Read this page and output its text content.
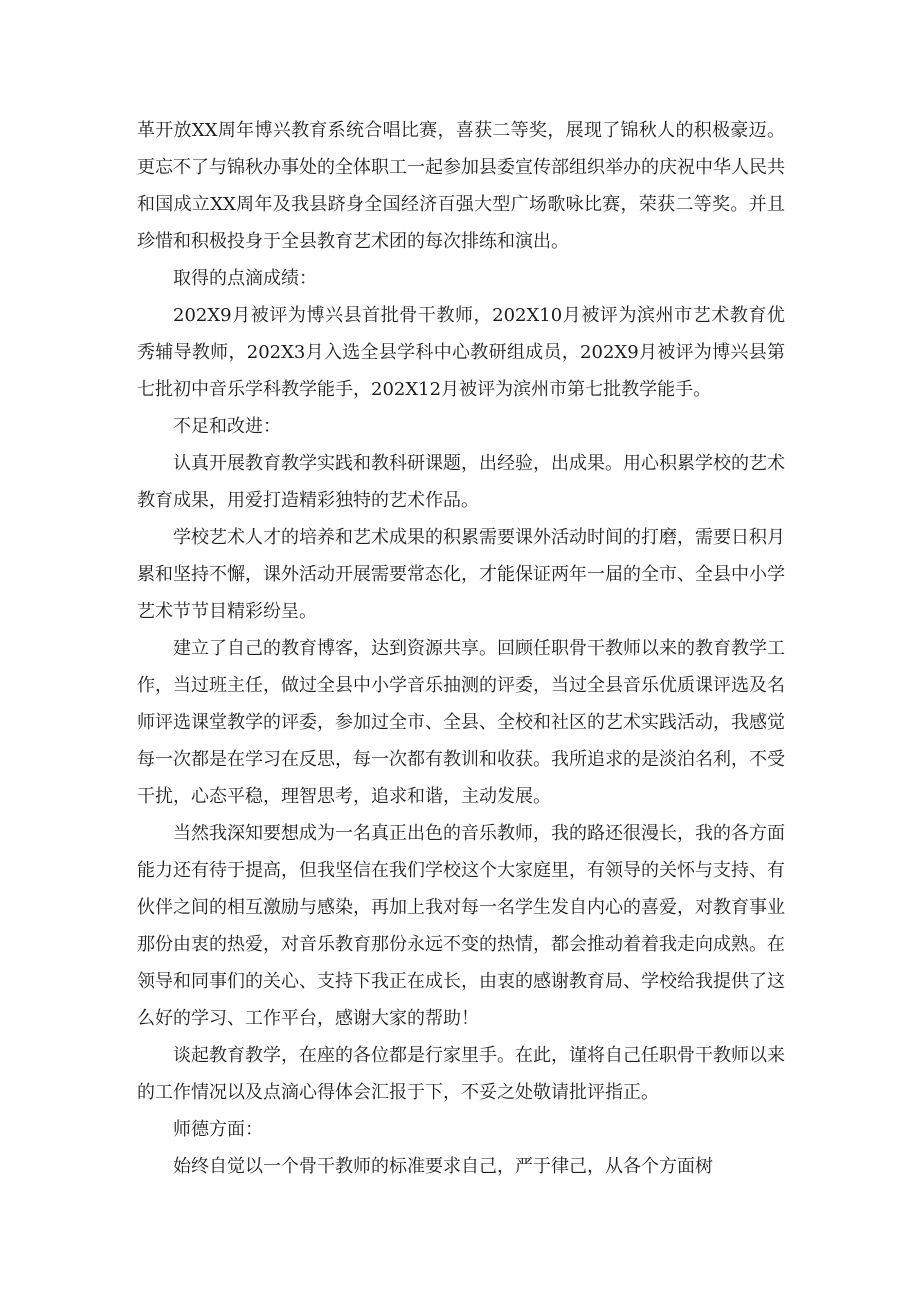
革开放XX周年博兴教育系统合唱比赛，喜获二等奖，展现了锦秋人的积极豪迈。更忘不了与锦秋办事处的全体职工一起参加县委宣传部组织举办的庆祝中华人民共和国成立XX周年及我县跻身全国经济百强大型广场歌咏比赛，荣获二等奖。并且珍惜和积极投身于全县教育艺术团的每次排练和演出。

取得的点滴成绩：

202X9月被评为博兴县首批骨干教师，202X10月被评为滨州市艺术教育优秀辅导教师，202X3月入选全县学科中心教研组成员，202X9月被评为博兴县第七批初中音乐学科教学能手，202X12月被评为滨州市第七批教学能手。

不足和改进：

认真开展教育教学实践和教科研课题，出经验，出成果。用心积累学校的艺术教育成果，用爱打造精彩独特的艺术作品。

学校艺术人才的培养和艺术成果的积累需要课外活动时间的打磨，需要日积月累和坚持不懈，课外活动开展需要常态化，才能保证两年一届的全市、全县中小学艺术节节目精彩纷呈。

建立了自己的教育博客，达到资源共享。回顾任职骨干教师以来的教育教学工作，当过班主任，做过全县中小学音乐抽测的评委，当过全县音乐优质课评选及名师评选课堂教学的评委，参加过全市、全县、全校和社区的艺术实践活动，我感觉每一次都是在学习在反思，每一次都有教训和收获。我所追求的是淡泊名利，不受干扰，心态平稳，理智思考，追求和谐，主动发展。

当然我深知要想成为一名真正出色的音乐教师，我的路还很漫长，我的各方面能力还有待于提高，但我坚信在我们学校这个大家庭里，有领导的关怀与支持、有伙伴之间的相互激励与感染，再加上我对每一名学生发自内心的喜爱，对教育事业那份由衷的热爱，对音乐教育那份永远不变的热情，都会推动着着我走向成熟。在领导和同事们的关心、支持下我正在成长，由衷的感谢教育局、学校给我提供了这么好的学习、工作平台，感谢大家的帮助！

谈起教育教学，在座的各位都是行家里手。在此，谨将自己任职骨干教师以来的工作情况以及点滴心得体会汇报于下，不妥之处敬请批评指正。

师德方面：

始终自觉以一个骨干教师的标准要求自己，严于律己，从各个方面树
